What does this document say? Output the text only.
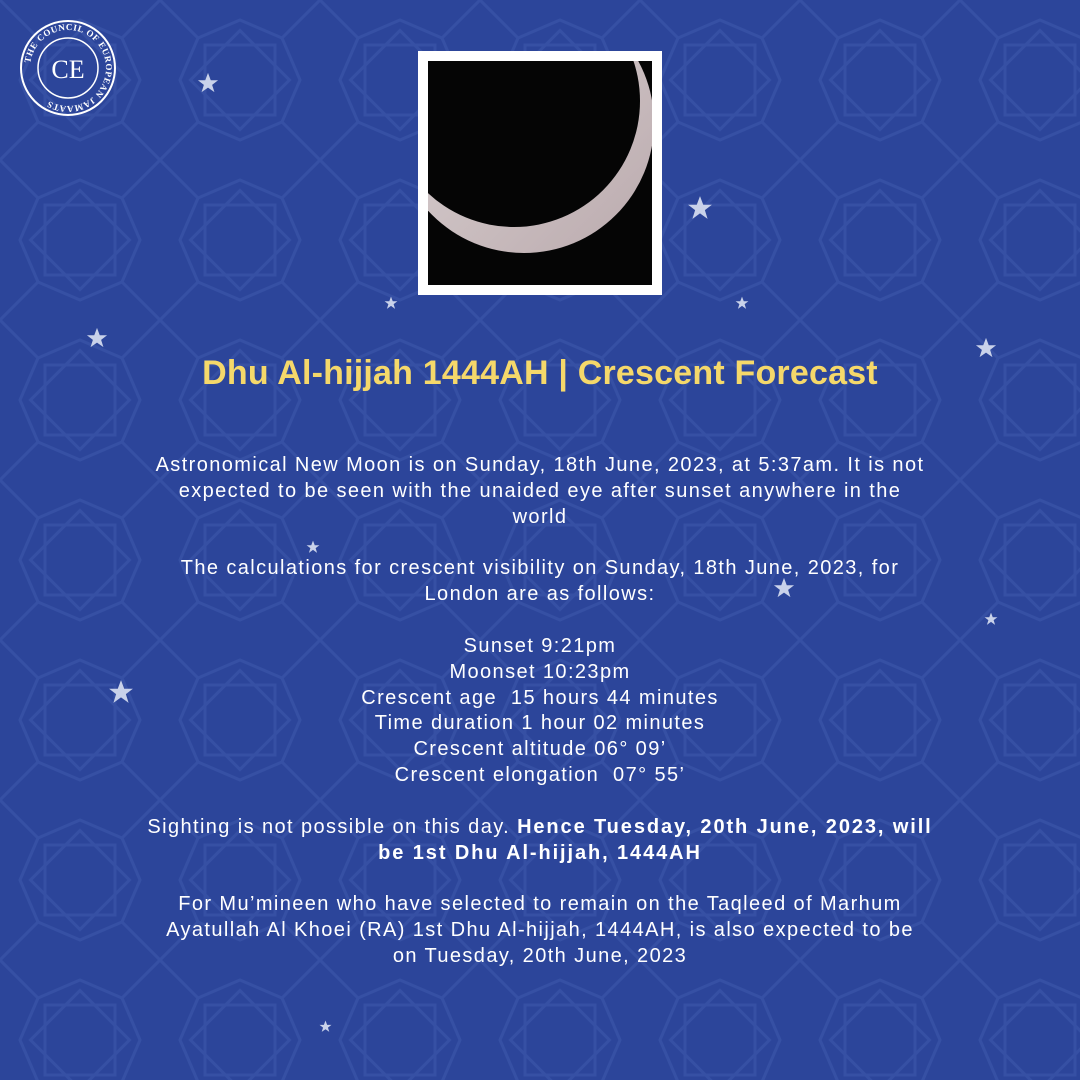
THE COUNCIL OF EUROPEAN JAMAATS
CE
Dhu Al-hijjah 1444AH | Crescent Forecast

Astronomical New Moon is on Sunday, 18th June, 2023, at 5:37am. It is not

expected to be seen with the unaided eye after sunset anywhere in the

world

The calculations for crescent visibility on Sunday, 18th June, 2023, for

London are as follows:

Sunset 9:21pm

Moonset 10:23pm

Crescent age  15 hours 44 minutes

Time duration 1 hour 02 minutes

Crescent altitude 06° 09’

Crescent elongation  07° 55’

Sighting is not possible on this day. Hence Tuesday, 20th June, 2023, will

be 1st Dhu Al-hijjah, 1444AH

For Mu’mineen who have selected to remain on the Taqleed of Marhum

Ayatullah Al Khoei (RA) 1st Dhu Al-hijjah, 1444AH, is also expected to be

on Tuesday, 20th June, 2023
